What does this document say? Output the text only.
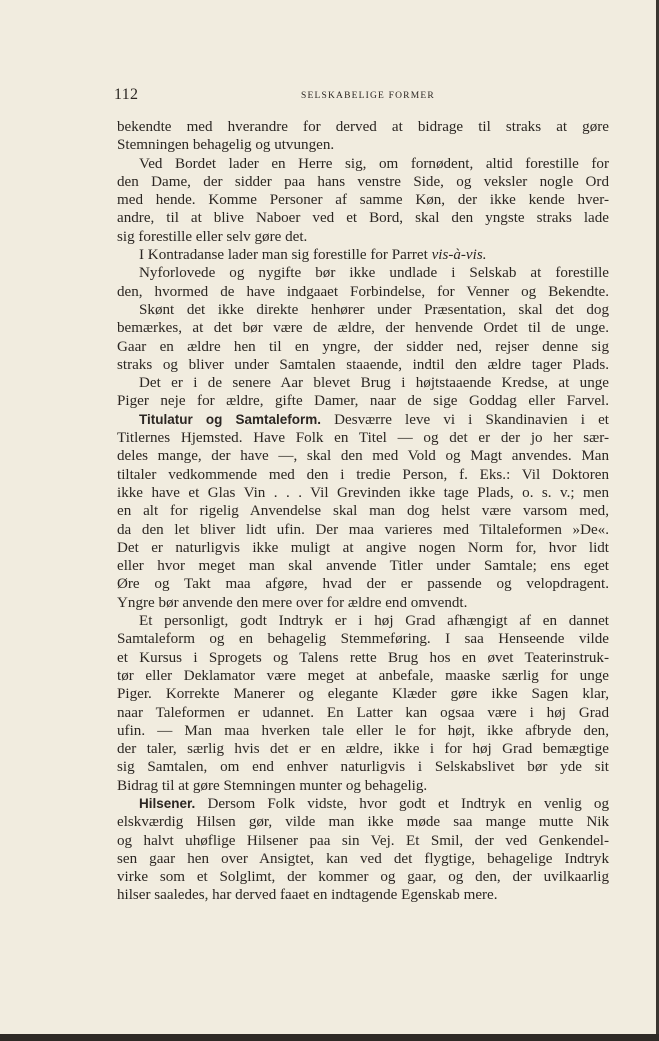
112	SELSKABELIGE FORMER
bekendte med hverandre for derved at bidrage til straks at gøre
Stemningen behagelig og utvungen.
Ved Bordet lader en Herre sig, om fornødent, altid forestille for
den Dame, der sidder paa hans venstre Side, og veksler nogle Ord
med hende. Komme Personer af samme Køn, der ikke kende hver-
andre, til at blive Naboer ved et Bord, skal den yngste straks lade
sig forestille eller selv gøre det.
I Kontradanse lader man sig forestille for Parret vis-à-vis.
Nyforlovede og nygifte bør ikke undlade i Selskab at forestille
den, hvormed de have indgaaet Forbindelse, for Venner og Bekendte.
Skønt det ikke direkte henhører under Præsentation, skal det dog
bemærkes, at det bør være de ældre, der henvende Ordet til de unge.
Gaar en ældre hen til en yngre, der sidder ned, rejser denne sig
straks og bliver under Samtalen staaende, indtil den ældre tager Plads.
Det er i de senere Aar blevet Brug i højtstaaende Kredse, at unge
Piger neje for ældre, gifte Damer, naar de sige Goddag eller Farvel.
Titulatur og Samtaleform. Desværre leve vi i Skandinavien i et
Titlernes Hjemsted. Have Folk en Titel — og det er der jo her sær-
deles mange, der have —, skal den med Vold og Magt anvendes. Man
tiltaler vedkommende med den i tredie Person, f. Eks.: Vil Doktoren
ikke have et Glas Vin . . . Vil Grevinden ikke tage Plads, o. s. v.; men
en alt for rigelig Anvendelse skal man dog helst være varsom med,
da den let bliver lidt ufin. Der maa varieres med Tiltaleformen »De«.
Det er naturligvis ikke muligt at angive nogen Norm for, hvor lidt
eller hvor meget man skal anvende Titler under Samtale; ens eget
Øre og Takt maa afgøre, hvad der er passende og velopdragent.
Yngre bør anvende den mere over for ældre end omvendt.
Et personligt, godt Indtryk er i høj Grad afhængigt af en dannet
Samtaleform og en behagelig Stemmeføring. I saa Henseende vilde
et Kursus i Sprogets og Talens rette Brug hos en øvet Teaterinstruk-
tør eller Deklamator være meget at anbefale, maaske særlig for unge
Piger. Korrekte Manerer og elegante Klæder gøre ikke Sagen klar,
naar Taleformen er udannet. En Latter kan ogsaa være i høj Grad
ufin. — Man maa hverken tale eller le for højt, ikke afbryde den,
der taler, særlig hvis det er en ældre, ikke i for høj Grad bemægtige
sig Samtalen, om end enhver naturligvis i Selskabslivet bør yde sit
Bidrag til at gøre Stemningen munter og behagelig.
Hilsener. Dersom Folk vidste, hvor godt et Indtryk en venlig og
elskværdig Hilsen gør, vilde man ikke møde saa mange mutte Nik
og halvt uhøflige Hilsener paa sin Vej. Et Smil, der ved Genkendel-
sen gaar hen over Ansigtet, kan ved det flygtige, behagelige Indtryk
virke som et Solglimt, der kommer og gaar, og den, der uvilkaarlig
hilser saaledes, har derved faaet en indtagende Egenskab mere.
